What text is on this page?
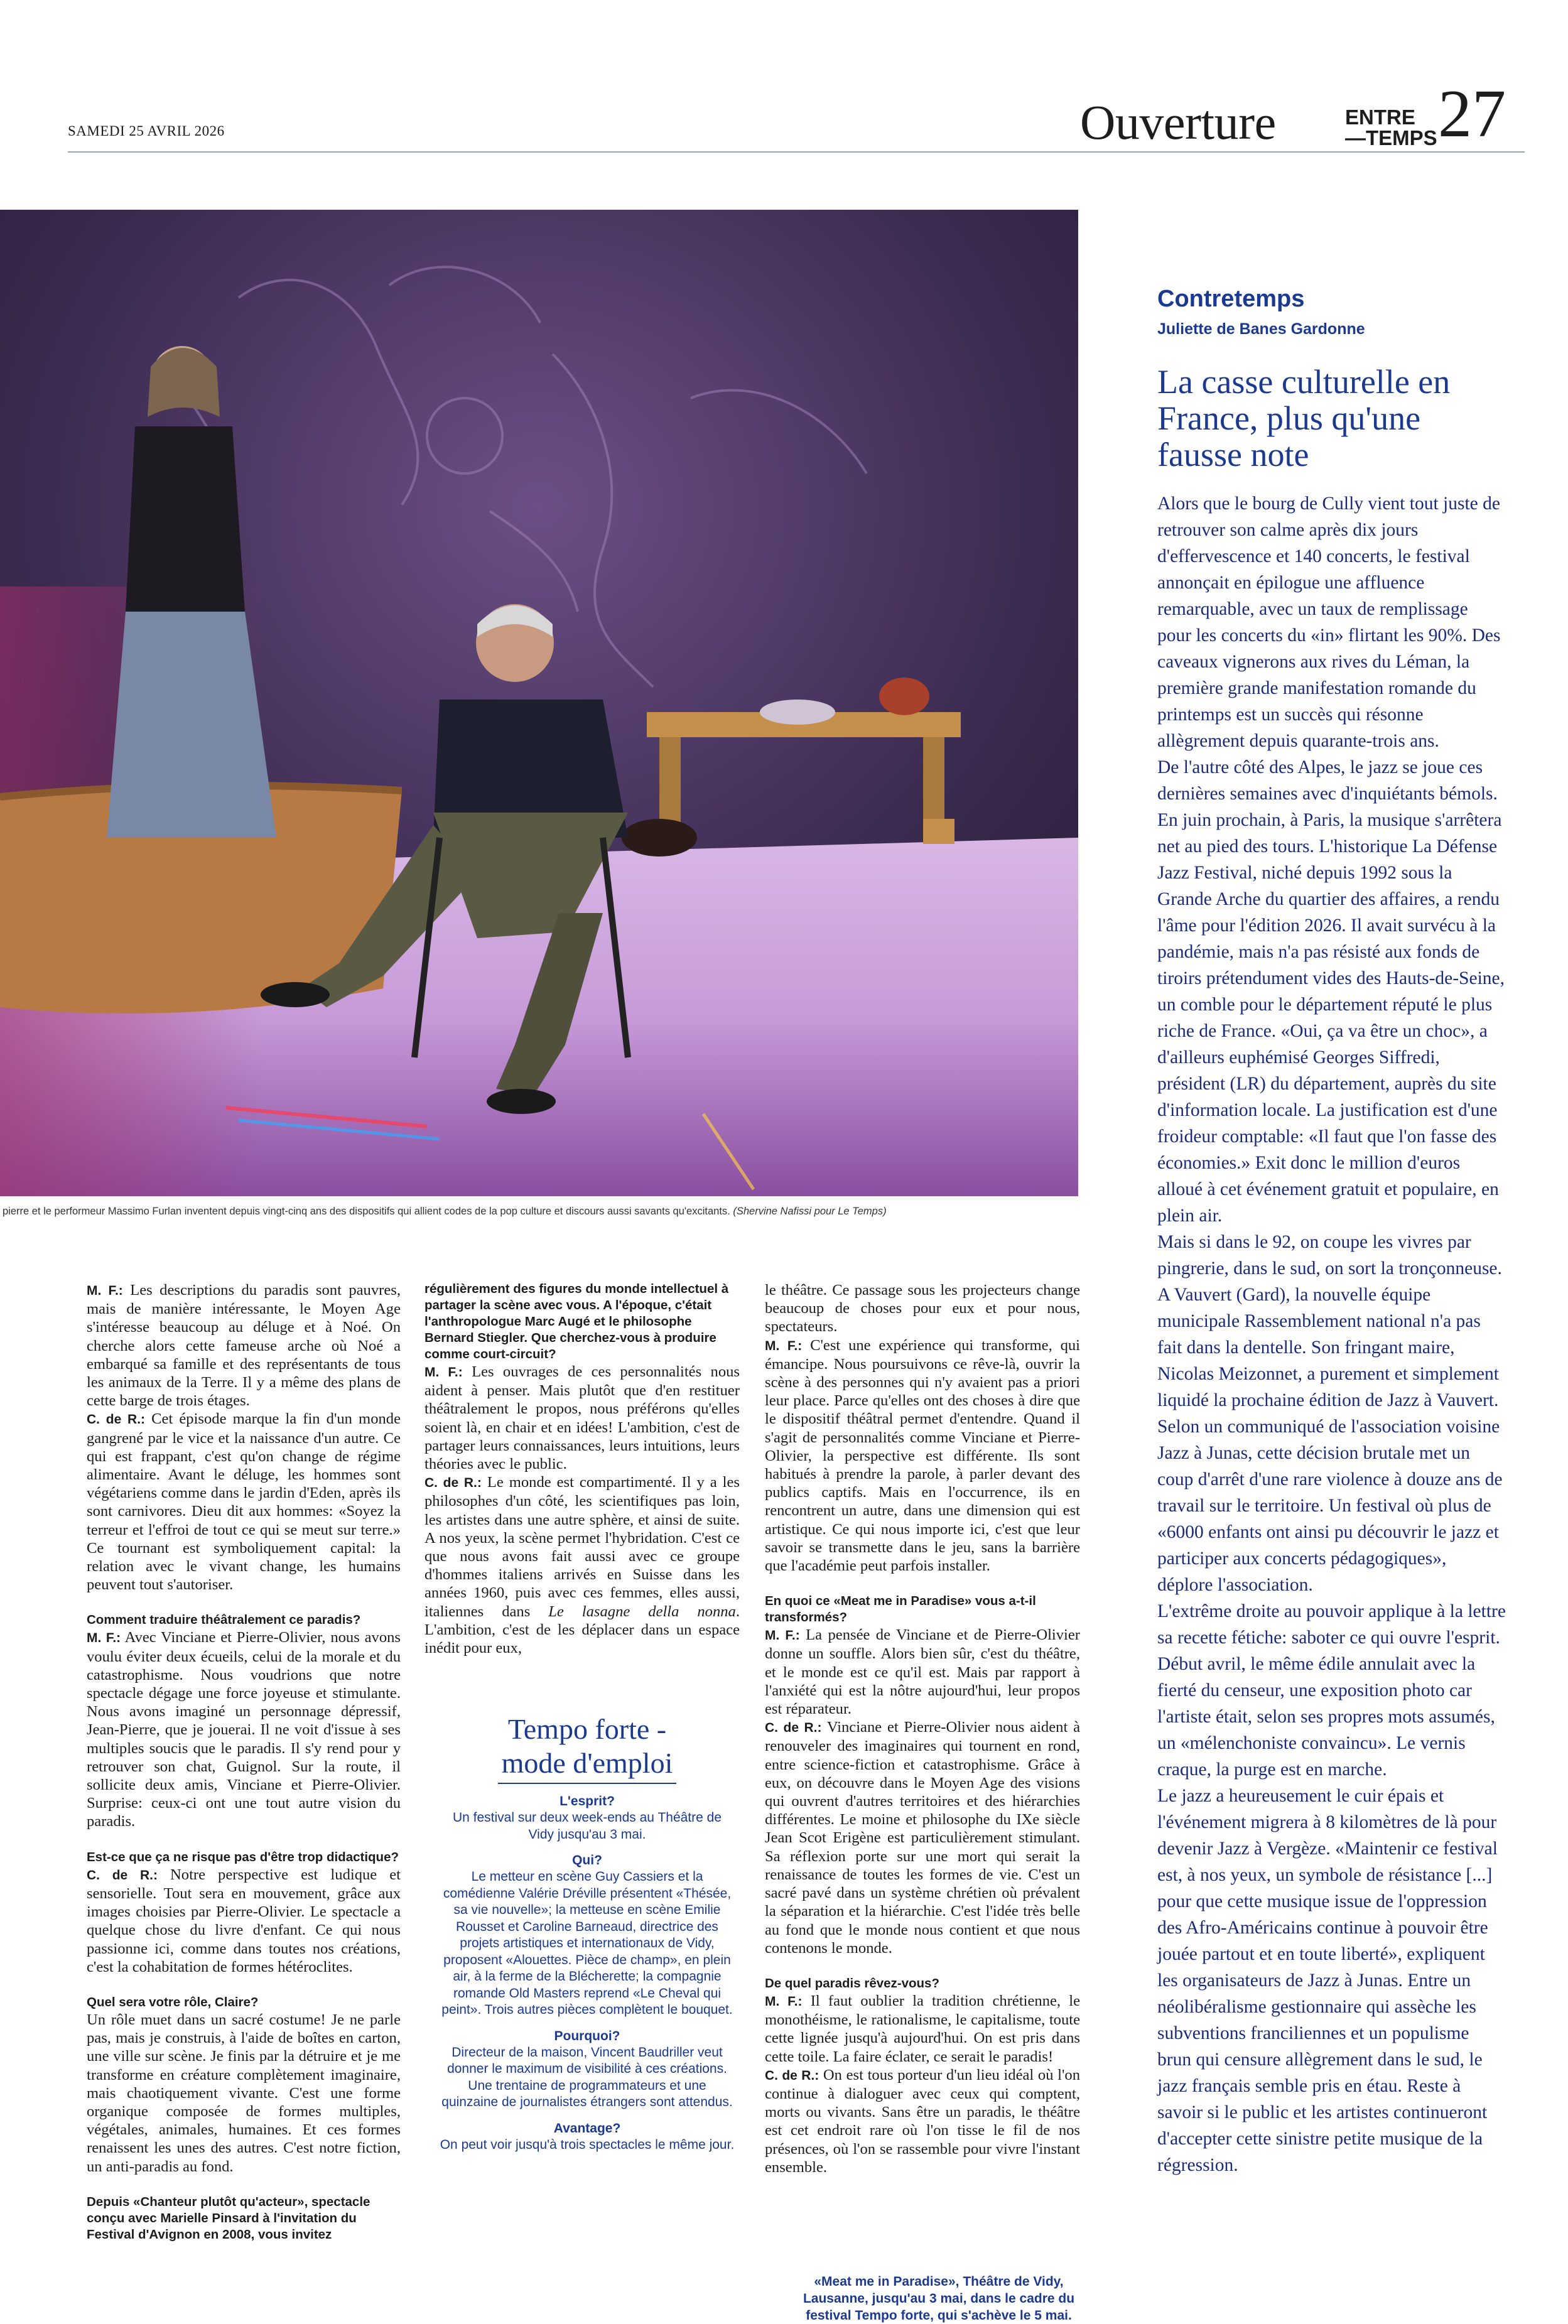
SAMEDI 25 AVRIL 2026	Ouverture	ENTRE
—TEMPS 27
pierre et le performeur Massimo Furlan inventent depuis vingt-cinq ans des dispositifs qui allient codes de la pop culture et discours aussi savants qu'excitants. (Shervine Nafissi pour Le Temps)

M. F.: Les descriptions du paradis sont pauvres, mais de manière intéressante, le Moyen Age s'intéresse beaucoup au déluge et à Noé. On cherche alors cette fameuse arche où Noé a embarqué sa famille et des représentants de tous les animaux de la Terre. Il y a même des plans de cette barge de trois étages.

C. de R.: Cet épisode marque la fin d'un monde gangrené par le vice et la naissance d'un autre. Ce qui est frappant, c'est qu'on change de régime alimentaire. Avant le déluge, les hommes sont végétariens comme dans le jardin d'Eden, après ils sont carnivores. Dieu dit aux hommes: «Soyez la terreur et l'effroi de tout ce qui se meut sur terre.» Ce tournant est symboliquement capital: la relation avec le vivant change, les humains peuvent tout s'autoriser.

Comment traduire théâtralement ce paradis?

M. F.: Avec Vinciane et Pierre-Olivier, nous avons voulu éviter deux écueils, celui de la morale et du catastrophisme. Nous voudrions que notre spectacle dégage une force joyeuse et stimulante. Nous avons imaginé un personnage dépressif, Jean-Pierre, que je jouerai. Il ne voit d'issue à ses multiples soucis que le paradis. Il s'y rend pour y retrouver son chat, Guignol. Sur la route, il sollicite deux amis, Vinciane et Pierre-Olivier. Surprise: ceux-ci ont une tout autre vision du paradis.

Est-ce que ça ne risque pas d'être trop didactique?

C. de R.: Notre perspective est ludique et sensorielle. Tout sera en mouvement, grâce aux images choisies par Pierre-Olivier. Le spectacle a quelque chose du livre d'enfant. Ce qui nous passionne ici, comme dans toutes nos créations, c'est la cohabitation de formes hétéroclites.

Quel sera votre rôle, Claire?

Un rôle muet dans un sacré costume! Je ne parle pas, mais je construis, à l'aide de boîtes en carton, une ville sur scène. Je finis par la détruire et je me transforme en créature complètement imaginaire, mais chaotiquement vivante. C'est une forme organique composée de formes multiples, végétales, animales, humaines. Et ces formes renaissent les unes des autres. C'est notre fiction, un anti-paradis au fond.

Depuis «Chanteur plutôt qu'acteur», spectacle conçu avec Marielle Pinsard à l'invitation du Festival d'Avignon en 2008, vous invitez

régulièrement des figures du monde intellectuel à partager la scène avec vous. A l'époque, c'était l'anthropologue Marc Augé et le philosophe Bernard Stiegler. Que cherchez-vous à produire comme court-circuit?

M. F.: Les ouvrages de ces personnalités nous aident à penser. Mais plutôt que d'en restituer théâtralement le propos, nous préférons qu'elles soient là, en chair et en idées! L'ambition, c'est de partager leurs connaissances, leurs intuitions, leurs théories avec le public.

C. de R.: Le monde est compartimenté. Il y a les philosophes d'un côté, les scientifiques pas loin, les artistes dans une autre sphère, et ainsi de suite. A nos yeux, la scène permet l'hybridation. C'est ce que nous avons fait aussi avec ce groupe d'hommes italiens arrivés en Suisse dans les années 1960, puis avec ces femmes, elles aussi, italiennes dans Le lasagne della nonna. L'ambition, c'est de les déplacer dans un espace inédit pour eux,

Tempo forte -
mode d'emploi
L'esprit?
Un festival sur deux week-ends au Théâtre de Vidy jusqu'au 3 mai.
Qui?
Le metteur en scène Guy Cassiers et la comédienne Valérie Dréville présentent «Thésée, sa vie nouvelle»; la metteuse en scène Emilie Rousset et Caroline Barneaud, directrice des projets artistiques et internationaux de Vidy, proposent «Alouettes. Pièce de champ», en plein air, à la ferme de la Blécherette; la compagnie romande Old Masters reprend «Le Cheval qui peint». Trois autres pièces complètent le bouquet.
Pourquoi?
Directeur de la maison, Vincent Baudriller veut donner le maximum de visibilité à ces créations. Une trentaine de programmateurs et une quinzaine de journalistes étrangers sont attendus.
Avantage?
On peut voir jusqu'à trois spectacles le même jour.

le théâtre. Ce passage sous les projecteurs change beaucoup de choses pour eux et pour nous, spectateurs.

M. F.: C'est une expérience qui transforme, qui émancipe. Nous poursuivons ce rêve-là, ouvrir la scène à des personnes qui n'y avaient pas a priori leur place. Parce qu'elles ont des choses à dire que le dispositif théâtral permet d'entendre. Quand il s'agit de personnalités comme Vinciane et Pierre-Olivier, la perspective est différente. Ils sont habitués à prendre la parole, à parler devant des publics captifs. Mais en l'occurrence, ils en rencontrent un autre, dans une dimension qui est artistique. Ce qui nous importe ici, c'est que leur savoir se transmette dans le jeu, sans la barrière que l'académie peut parfois installer.

En quoi ce «Meat me in Paradise» vous a-t-il transformés?

M. F.: La pensée de Vinciane et de Pierre-Olivier donne un souffle. Alors bien sûr, c'est du théâtre, et le monde est ce qu'il est. Mais par rapport à l'anxiété qui est la nôtre aujourd'hui, leur propos est réparateur.

C. de R.: Vinciane et Pierre-Olivier nous aident à renouveler des imaginaires qui tournent en rond, entre science-fiction et catastrophisme. Grâce à eux, on découvre dans le Moyen Age des visions qui ouvrent d'autres territoires et des hiérarchies différentes. Le moine et philosophe du IXe siècle Jean Scot Erigène est particulièrement stimulant. Sa réflexion porte sur une mort qui serait la renaissance de toutes les formes de vie. C'est un sacré pavé dans un système chrétien où prévalent la séparation et la hiérarchie. C'est l'idée très belle au fond que le monde nous contient et que nous contenons le monde.

De quel paradis rêvez-vous?

M. F.: Il faut oublier la tradition chrétienne, le monothéisme, le rationalisme, le capitalisme, toute cette lignée jusqu'à aujourd'hui. On est pris dans cette toile. La faire éclater, ce serait le paradis!

C. de R.: On est tous porteur d'un lieu idéal où l'on continue à dialoguer avec ceux qui comptent, morts ou vivants. Sans être un paradis, le théâtre est cet endroit rare où l'on tisse le fil de nos présences, où l'on se rassemble pour vivre l'instant ensemble.

«Meat me in Paradise», Théâtre de Vidy, Lausanne, jusqu'au 3 mai, dans le cadre du festival Tempo forte, qui s'achève le 5 mai.
Contretemps
Juliette de Banes Gardonne
La casse culturelle en France, plus qu'une fausse note

Alors que le bourg de Cully vient tout juste de retrouver son calme après dix jours d'effervescence et 140 concerts, le festival annonçait en épilogue une affluence remarquable, avec un taux de remplissage pour les concerts du «in» flirtant les 90%. Des caveaux vignerons aux rives du Léman, la première grande manifestation romande du printemps est un succès qui résonne allègrement depuis quarante-trois ans.

De l'autre côté des Alpes, le jazz se joue ces dernières semaines avec d'inquiétants bémols.

En juin prochain, à Paris, la musique s'arrêtera net au pied des tours. L'historique La Défense Jazz Festival, niché depuis 1992 sous la Grande Arche du quartier des affaires, a rendu l'âme pour l'édition 2026. Il avait survécu à la pandémie, mais n'a pas résisté aux fonds de tiroirs prétendument vides des Hauts-de-Seine, un comble pour le département réputé le plus riche de France. «Oui, ça va être un choc», a d'ailleurs euphémisé Georges Siffredi, président (LR) du département, auprès du site d'information locale. La justification est d'une froideur comptable: «Il faut que l'on fasse des économies.» Exit donc le million d'euros alloué à cet événement gratuit et populaire, en plein air.

Mais si dans le 92, on coupe les vivres par pingrerie, dans le sud, on sort la tronçonneuse. A Vauvert (Gard), la nouvelle équipe municipale Rassemblement national n'a pas fait dans la dentelle. Son fringant maire, Nicolas Meizonnet, a purement et simplement liquidé la prochaine édition de Jazz à Vauvert. Selon un communiqué de l'association voisine Jazz à Junas, cette décision brutale met un coup d'arrêt d'une rare violence à douze ans de travail sur le territoire. Un festival où plus de «6000 enfants ont ainsi pu découvrir le jazz et participer aux concerts pédagogiques», déplore l'association.

L'extrême droite au pouvoir applique à la lettre sa recette fétiche: saboter ce qui ouvre l'esprit. Début avril, le même édile annulait avec la fierté du censeur, une exposition photo car l'artiste était, selon ses propres mots assumés, un «mélenchoniste convaincu». Le vernis craque, la purge est en marche.

Le jazz a heureusement le cuir épais et l'événement migrera à 8 kilomètres de là pour devenir Jazz à Vergèze. «Maintenir ce festival est, à nos yeux, un symbole de résistance [...] pour que cette musique issue de l'oppression des Afro-Américains continue à pouvoir être jouée partout et en toute liberté», expliquent les organisateurs de Jazz à Junas. Entre un néolibéralisme gestionnaire qui assèche les subventions franciliennes et un populisme brun qui censure allègrement dans le sud, le jazz français semble pris en étau. Reste à savoir si le public et les artistes continueront d'accepter cette sinistre petite musique de la régression.
